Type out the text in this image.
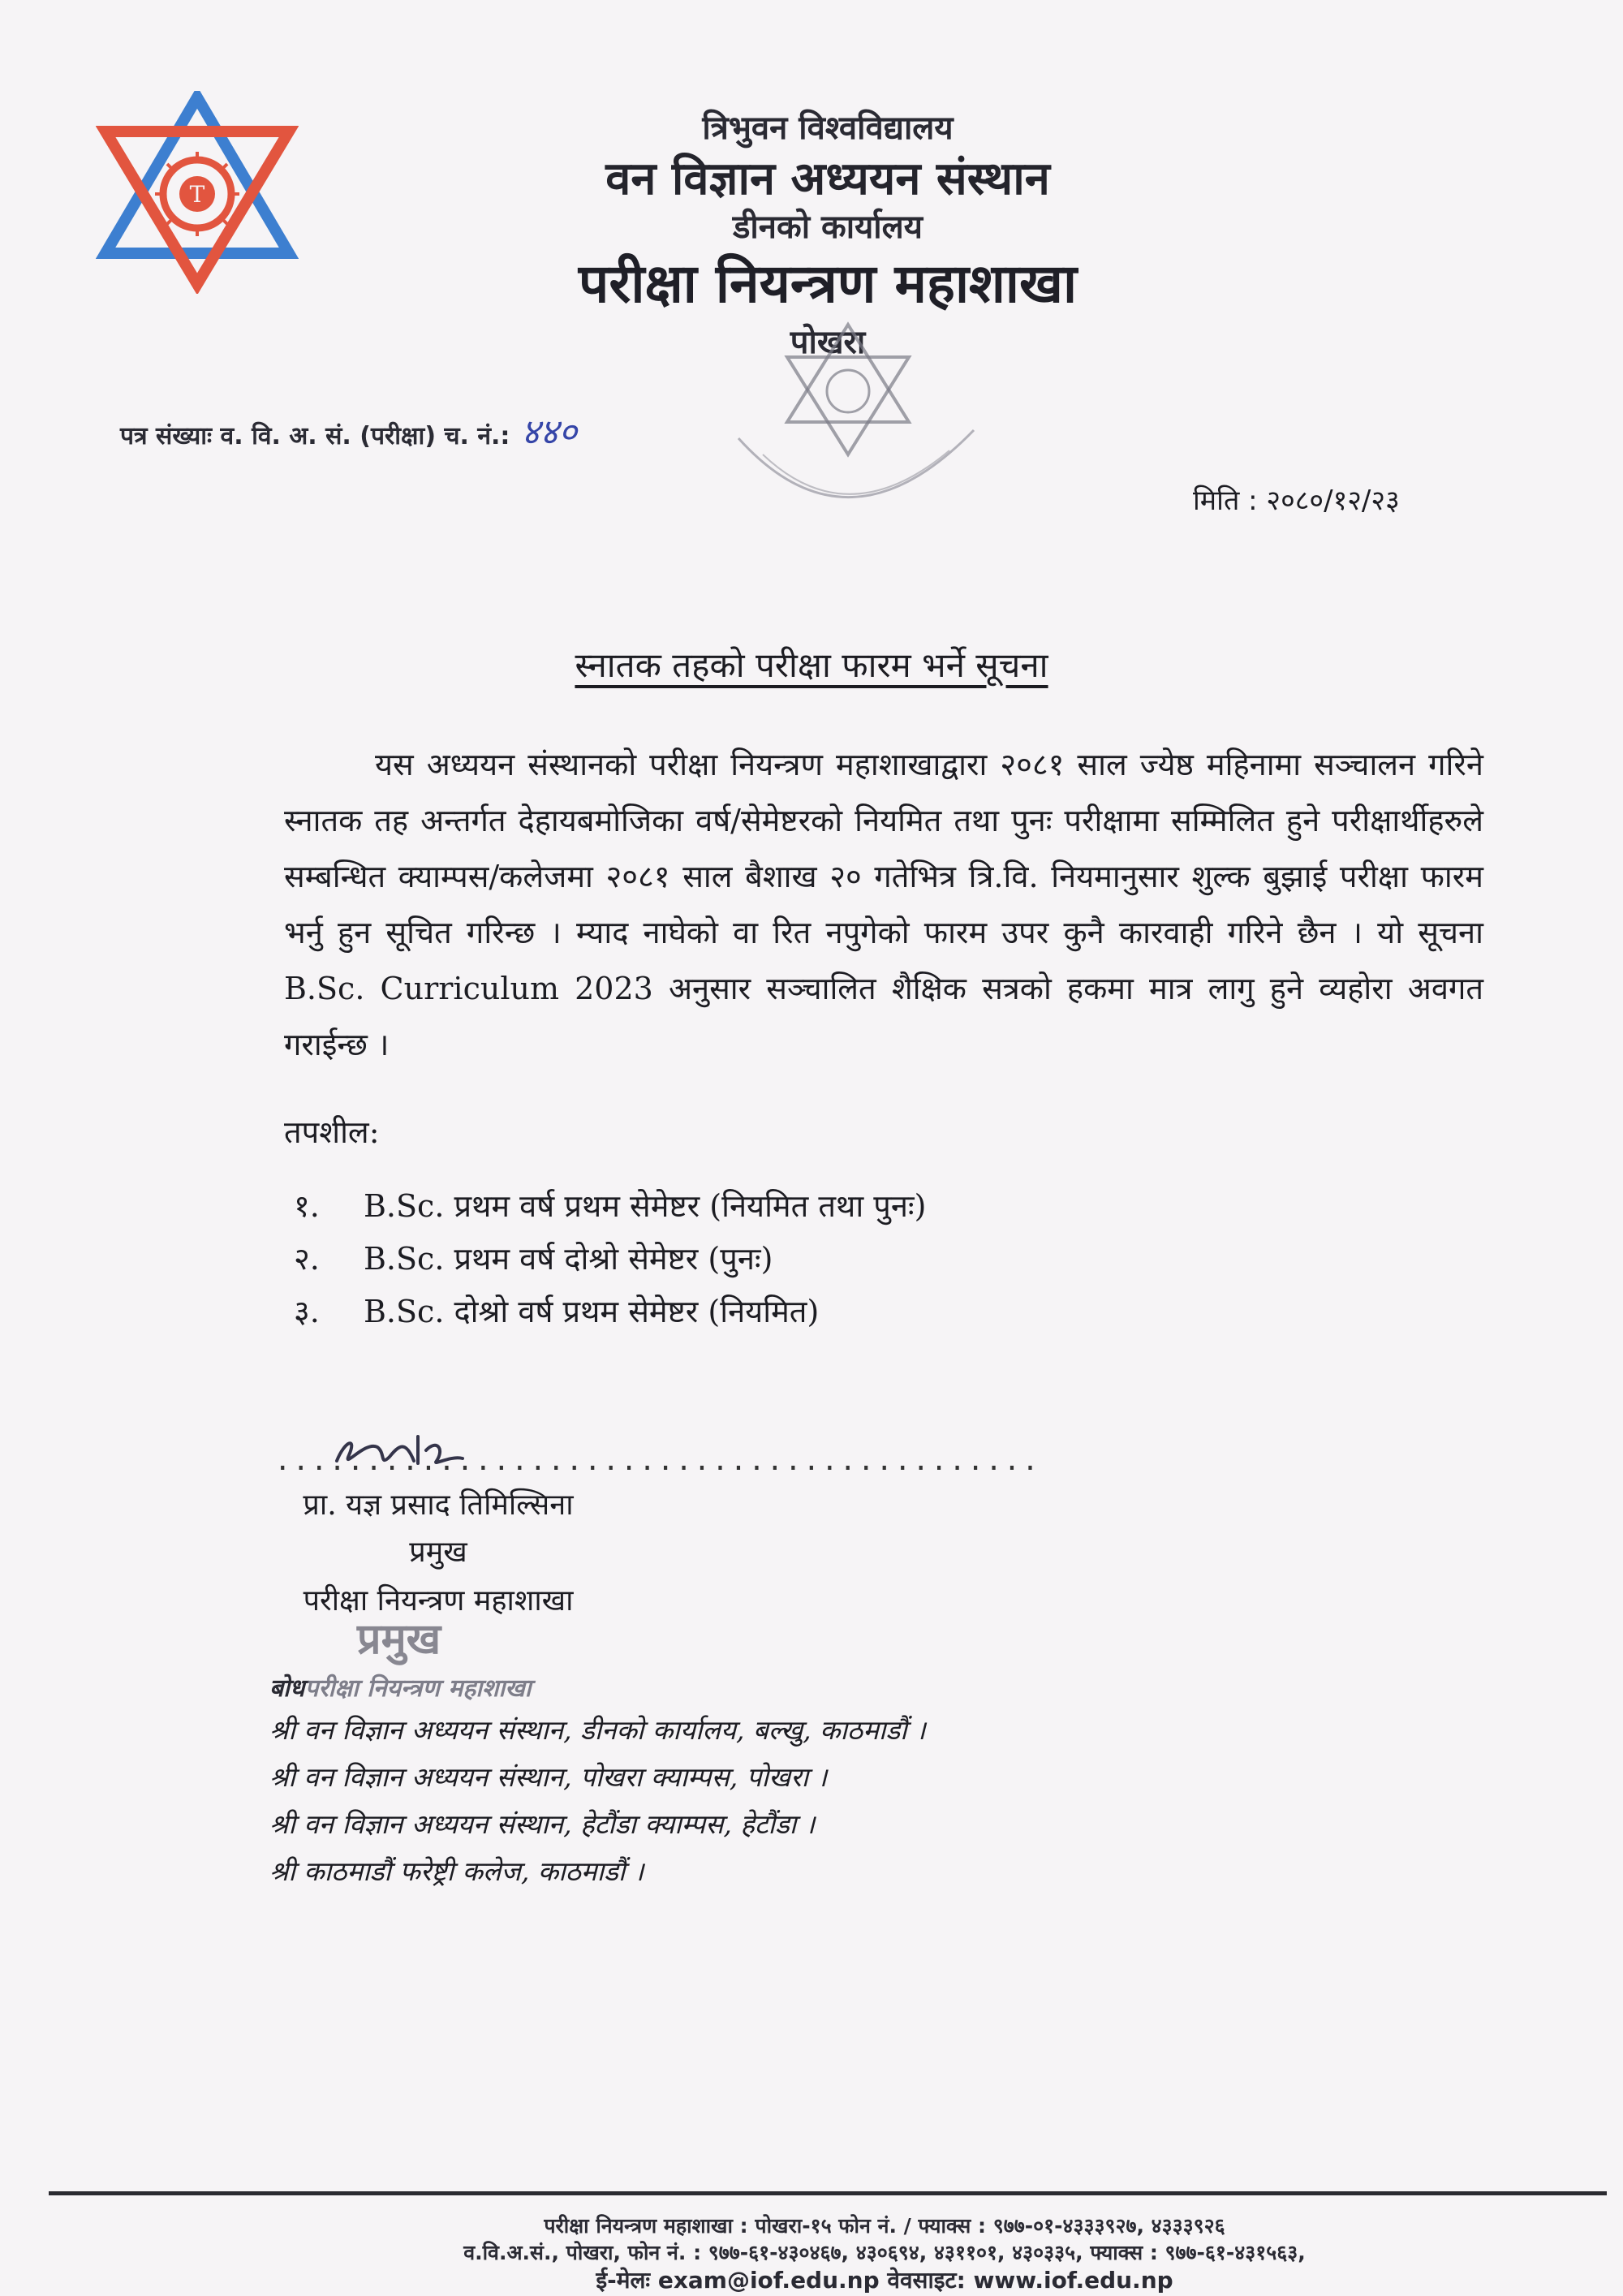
T
त्रिभुवन विश्वविद्यालय
वन विज्ञान अध्ययन संस्थान
डीनको कार्यालय
परीक्षा नियन्त्रण महाशाखा
पोखरा
पत्र संख्याः व. वि. अ. सं. (परीक्षा) च. नं.: ४४०
मिति : २०८०/१२/२३
स्नातक तहको परीक्षा फारम भर्ने सूचना
यस अध्ययन संस्थानको परीक्षा नियन्त्रण महाशाखाद्वारा २०८१ साल ज्येष्ठ महिनामा सञ्चालन गरिने स्नातक तह अन्तर्गत देहायबमोजिका वर्ष/सेमेष्टरको नियमित तथा पुनः परीक्षामा सम्मिलित हुने परीक्षार्थीहरुले सम्बन्धित क्याम्पस/कलेजमा २०८१ साल बैशाख २० गतेभित्र त्रि.वि. नियमानुसार शुल्क बुझाई परीक्षा फारम भर्नु हुन सूचित गरिन्छ । म्याद नाघेको वा रित नपुगेको फारम उपर कुनै कारवाही गरिने छैन । यो सूचना B.Sc. Curriculum 2023 अनुसार सञ्चालित शैक्षिक सत्रको हकमा मात्र लागु हुने व्यहोरा अवगत गराईन्छ ।
तपशील:
१.	B.Sc. प्रथम वर्ष प्रथम सेमेष्टर (नियमित तथा पुनः)
२.	B.Sc. प्रथम वर्ष दोश्रो सेमेष्टर (पुनः)
३.	B.Sc. दोश्रो वर्ष प्रथम सेमेष्टर (नियमित)
..........................................
प्रा. यज्ञ प्रसाद तिमिल्सिना
प्रमुख
परीक्षा नियन्त्रण महाशाखा
प्रमुख
बोधपरीक्षा नियन्त्रण महाशाखा
श्री वन विज्ञान अध्ययन संस्थान, डीनको कार्यालय, बल्खु, काठमाडौं ।
श्री वन विज्ञान अध्ययन संस्थान, पोखरा क्याम्पस, पोखरा ।
श्री वन विज्ञान अध्ययन संस्थान, हेटौंडा क्याम्पस, हेटौंडा ।
श्री काठमाडौं फरेष्ट्री कलेज, काठमाडौं ।
परीक्षा नियन्त्रण महाशाखा : पोखरा-१५ फोन नं. / फ्याक्स : ९७७-०१-४३३३९२७, ४३३३९२६
व.वि.अ.सं., पोखरा, फोन नं. : ९७७-६१-४३०४६७, ४३०६९४, ४३११०१, ४३०३३५, फ्याक्स : ९७७-६१-४३१५६३,
ई-मेलः exam@iof.edu.np वेवसाइट: www.iof.edu.np
